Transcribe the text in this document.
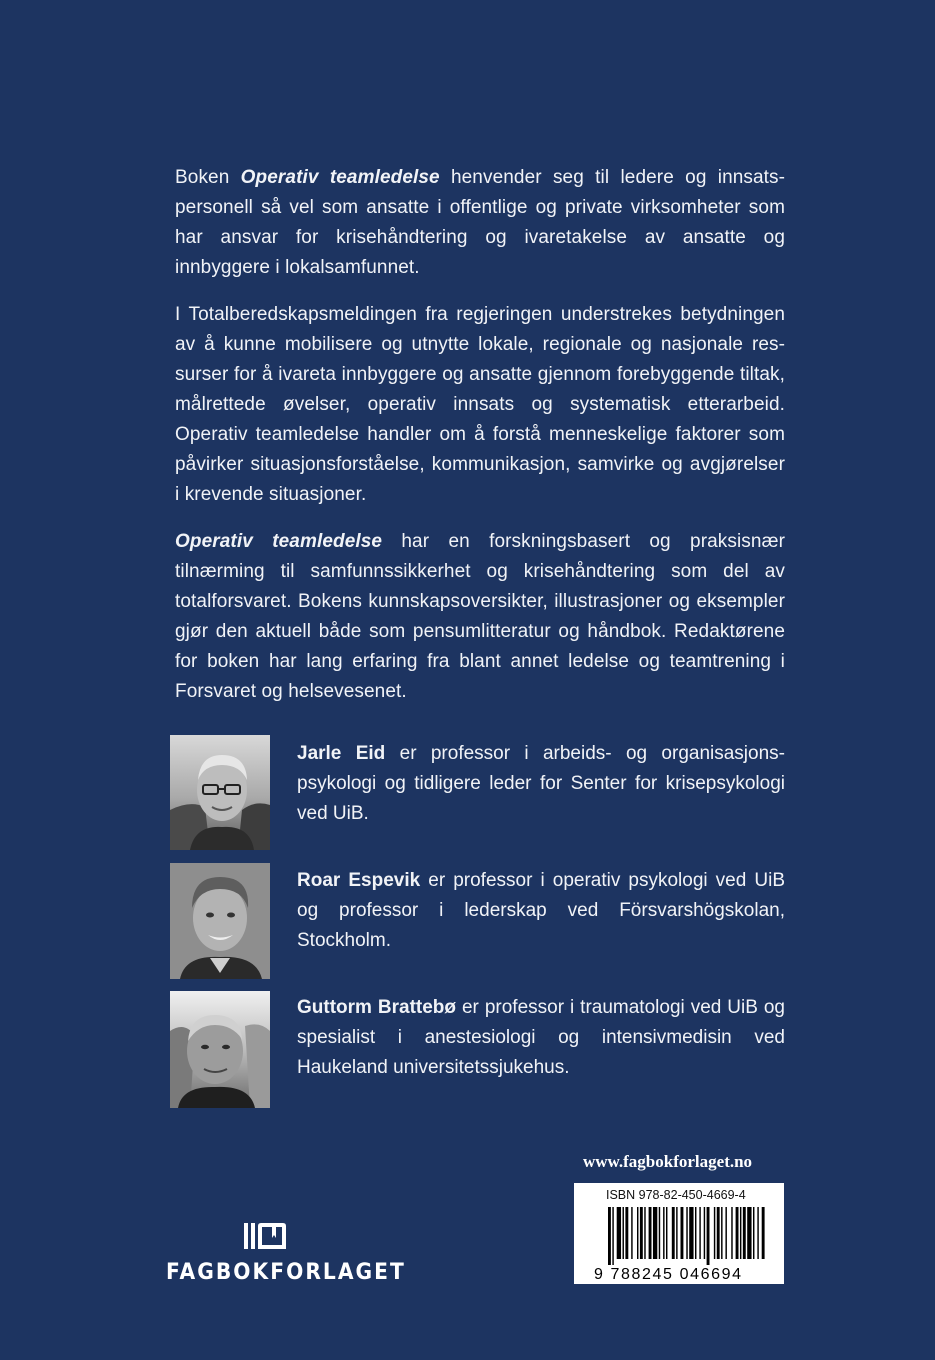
Boken Operativ teamledelse henvender seg til ledere og innsatspersonell så vel som ansatte i offentlige og private virksomheter som har ansvar for krisehåndtering og ivaretakelse av ansatte og innbyggere i lokalsamfunnet.
I Totalberedskapsmeldingen fra regjeringen understrekes betydningen av å kunne mobilisere og utnytte lokale, regionale og nasjonale ressurser for å ivareta innbyggere og ansatte gjennom forebyggende tiltak, målrettede øvelser, operativ innsats og systematisk etterarbeid. Operativ teamledelse handler om å forstå menneskelige faktorer som påvirker situasjonsforståelse, kommunikasjon, samvirke og avgjørelser i krevende situasjoner.
Operativ teamledelse har en forskningsbasert og praksisnær tilnærming til samfunnssikkerhet og krisehåndtering som del av totalforsvaret. Bokens kunnskapsoversikter, illustrasjoner og eksempler gjør den aktuell både som pensumlitteratur og håndbok. Redaktørene for boken har lang erfaring fra blant annet ledelse og teamtrening i Forsvaret og helsevesenet.
Jarle Eid er professor i arbeids- og organisasjonspsykologi og tidligere leder for Senter for krisepsykologi ved UiB.
Roar Espevik er professor i operativ psykologi ved UiB og professor i lederskap ved Försvarshögskolan, Stockholm.
Guttorm Brattebø er professor i traumatologi ved UiB og spesialist i anestesiologi og intensivmedisin ved Haukeland universitetssjukehus.
www.fagbokforlaget.no
ISBN 978-82-450-4669-4
9 788245 046694
FAGBOKFORLAGET
